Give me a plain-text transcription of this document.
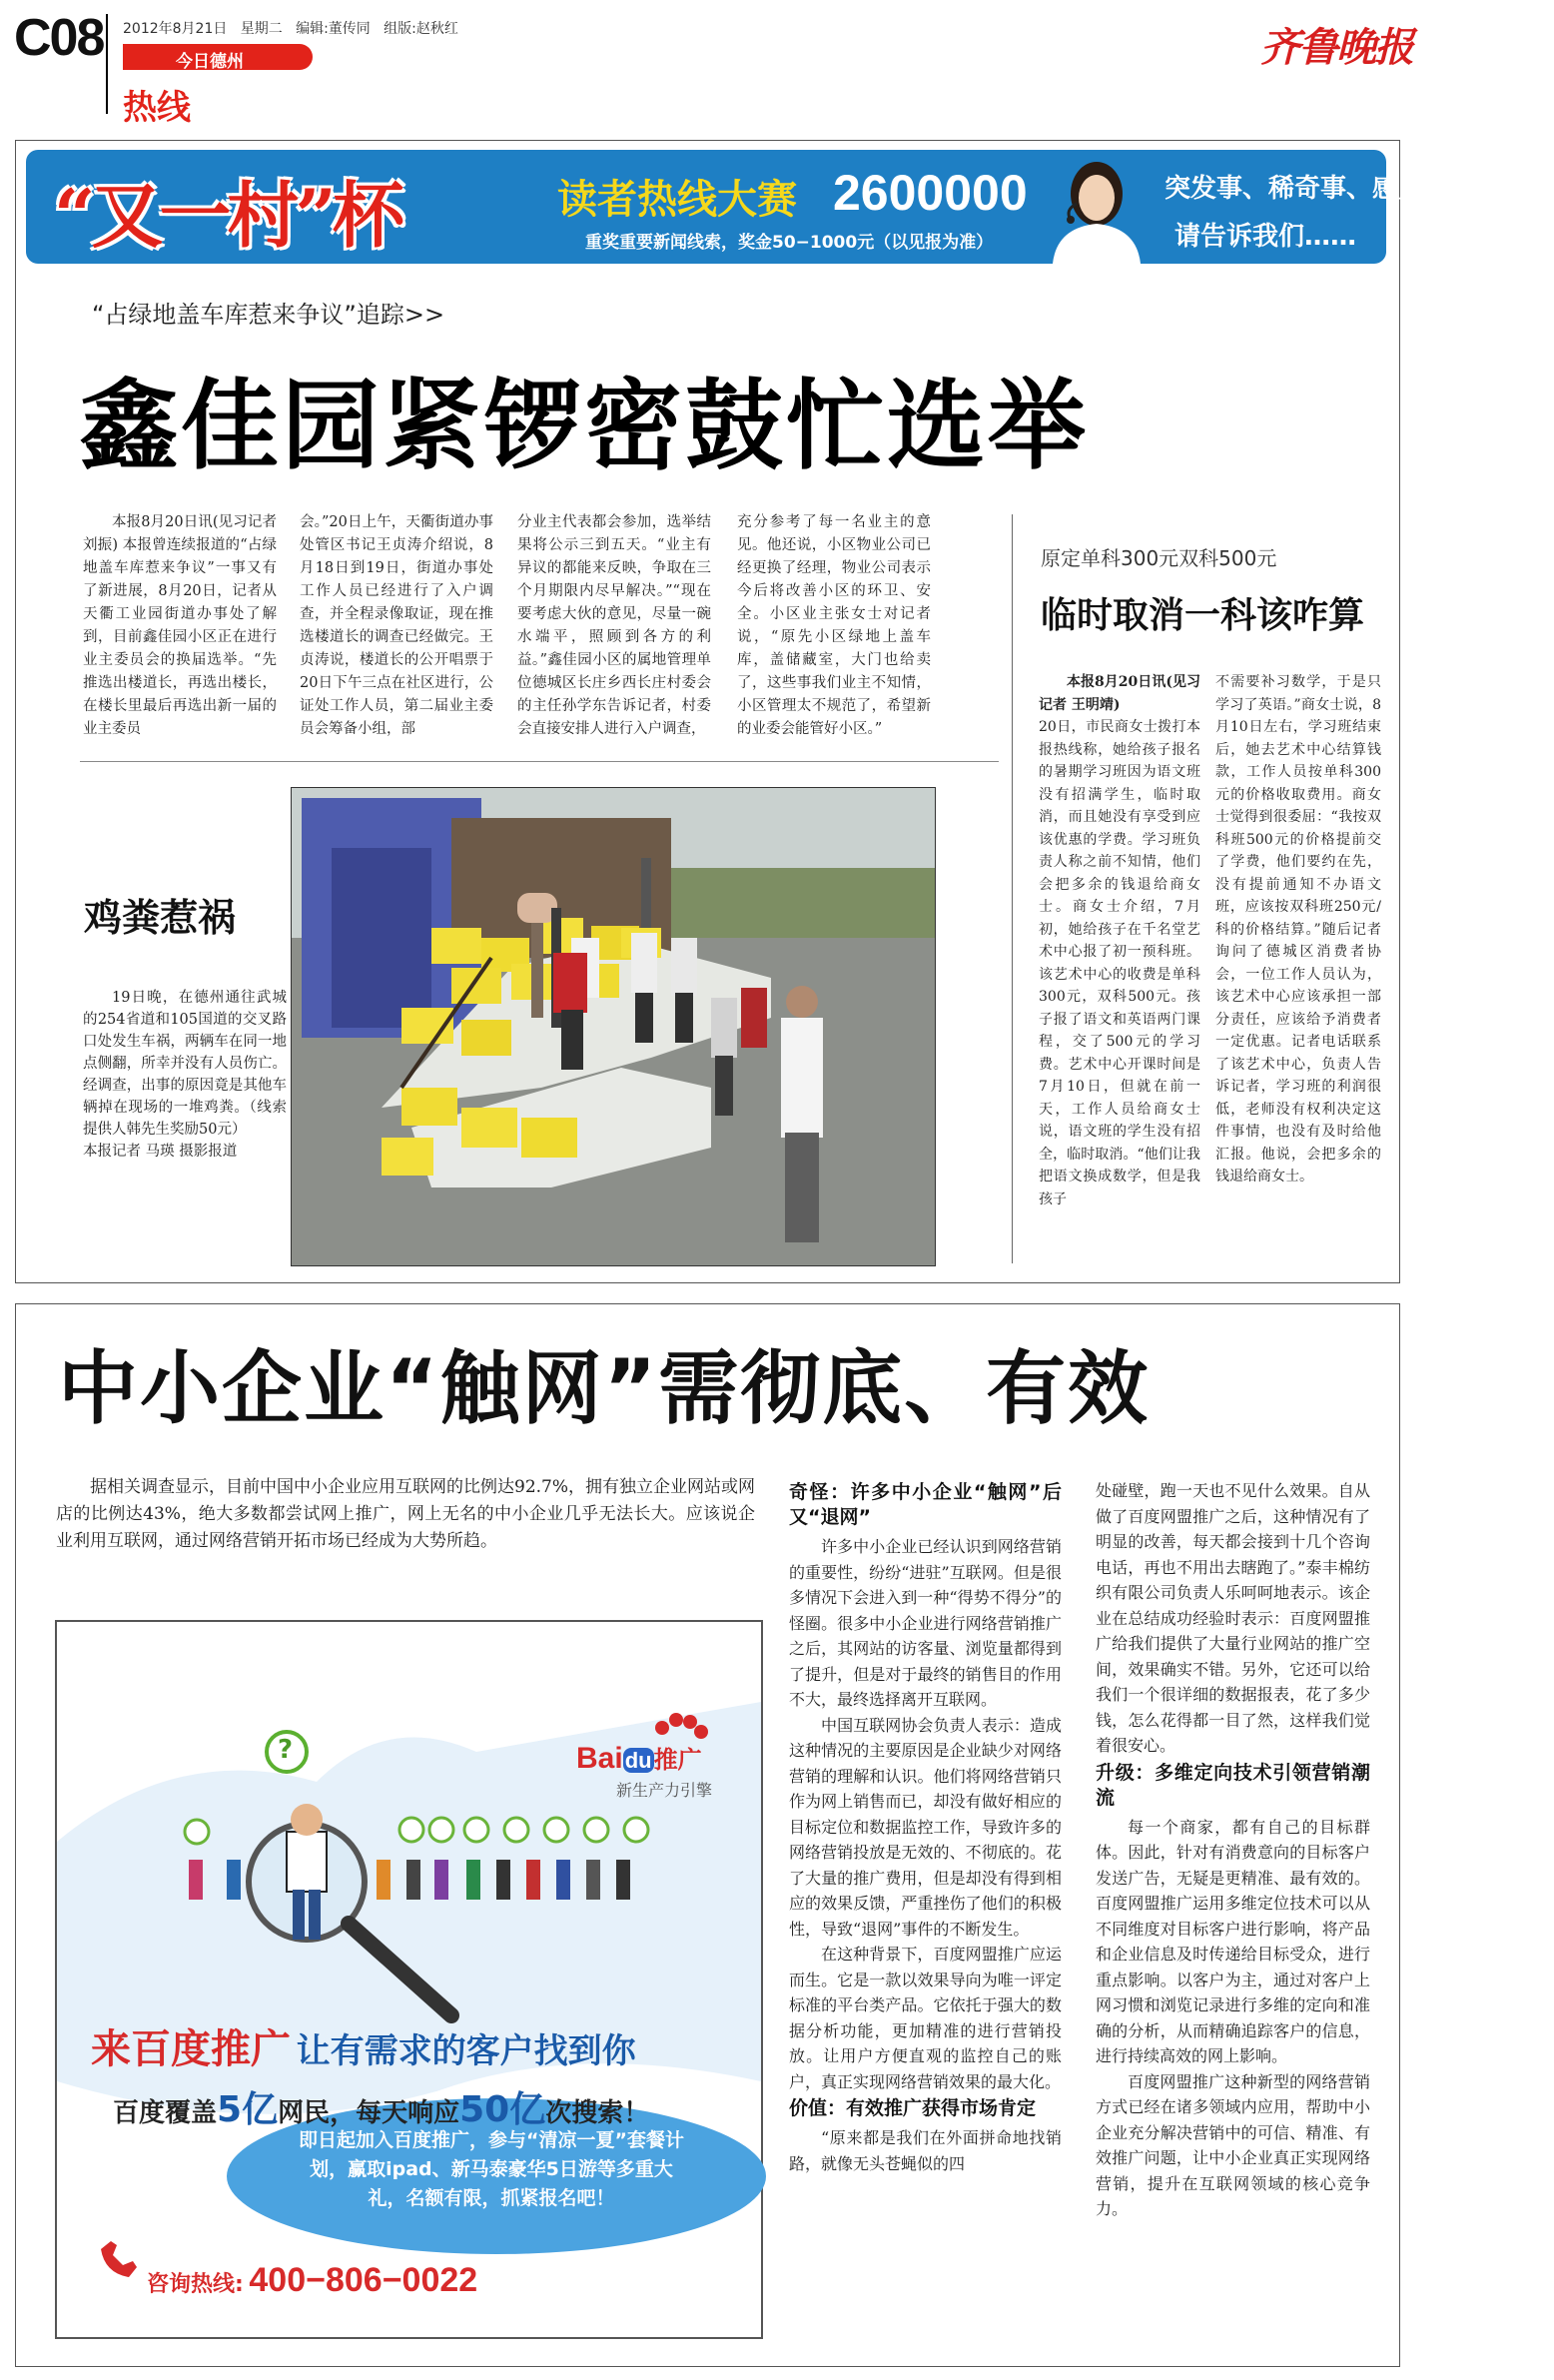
C08 2012年8月21日 星期二 编辑:董传同 组版:赵秋红
今日德州
热线
齐鲁晚报
“又一村”杯	读者热线大赛 2600000
重奖重要新闻线索，奖金50−1000元（以见报为准）
突发事、稀奇事、感人事、新鲜事
请告诉我们……
“占绿地盖车库惹来争议”追踪>>
鑫佳园紧锣密鼓忙选举

本报8月20日讯(见习记者 刘振) 本报曾连续报道的“占绿地盖车库惹来争议”一事又有了新进展，8月20日，记者从天衢工业园街道办事处了解到，目前鑫佳园小区正在进行业主委员会的换届选举。“先推选出楼道长，再选出楼长，在楼长里最后再选出新一届的业主委员

会。”20日上午，天衢街道办事处管区书记王贞涛介绍说，8月18日到19日，街道办事处工作人员已经进行了入户调查，并全程录像取证，现在推选楼道长的调查已经做完。王贞涛说，楼道长的公开唱票于20日下午三点在社区进行，公证处工作人员，第二届业主委员会筹备小组，部

分业主代表都会参加，选举结果将公示三到五天。“业主有异议的都能来反映，争取在三个月期限内尽早解决。”“现在要考虑大伙的意见，尽量一碗水端平，照顾到各方的利益。”鑫佳园小区的属地管理单位德城区长庄乡西长庄村委会的主任孙学东告诉记者，村委会直接安排人进行入户调查，

充分参考了每一名业主的意见。他还说，小区物业公司已经更换了经理，物业公司表示今后将改善小区的环卫、安全。小区业主张女士对记者说，“原先小区绿地上盖车库，盖储藏室，大门也给卖了，这些事我们业主不知情，小区管理太不规范了，希望新的业委会能管好小区。”

鸡粪惹祸

19日晚，在德州通往武城的254省道和105国道的交叉路口处发生车祸，两辆车在同一地点侧翻，所幸并没有人员伤亡。经调查，出事的原因竟是其他车辆掉在现场的一堆鸡粪。（线索提供人韩先生奖励50元）

本报记者 马瑛 摄影报道

原定单科300元双科500元
临时取消一科该咋算

本报8月20日讯(见习记者 王明靖)

20日，市民商女士拨打本报热线称，她给孩子报名的暑期学习班因为语文班没有招满学生，临时取消，而且她没有享受到应该优惠的学费。学习班负责人称之前不知情，他们会把多余的钱退给商女士。商女士介绍，7月初，她给孩子在千名堂艺术中心报了初一预科班。该艺术中心的收费是单科300元，双科500元。孩子报了语文和英语两门课程，交了500元的学习费。艺术中心开课时间是7月10日，但就在前一天，工作人员给商女士说，语文班的学生没有招全，临时取消。“他们让我把语文换成数学，但是我孩子

不需要补习数学，于是只学习了英语。”商女士说，8月10日左右，学习班结束后，她去艺术中心结算钱款，工作人员按单科300元的价格收取费用。商女士觉得到很委屈：“我按双科班500元的价格提前交了学费，他们要约在先，没有提前通知不办语文班，应该按双科班250元/科的价格结算。”随后记者询问了德城区消费者协会，一位工作人员认为，该艺术中心应该承担一部分责任，应该给予消费者一定优惠。记者电话联系了该艺术中心，负责人告诉记者，学习班的利润很低，老师没有权利决定这件事情，也没有及时给他汇报。他说，会把多余的钱退给商女士。

中小企业“触网”需彻底、有效

据相关调查显示，目前中国中小企业应用互联网的比例达92.7%，拥有独立企业网站或网店的比例达43%，绝大多数都尝试网上推广，网上无名的中小企业几乎无法长大。应该说企业利用互联网，通过网络营销开拓市场已经成为大势所趋。

?	Baidu推广
新生产力引擎
来百度推广 让有需求的客户找到你
百度覆盖5亿网民，每天响应50亿次搜索！
即日起加入百度推广，参与“清凉一夏”套餐计划，赢取ipad、新马泰豪华5日游等多重大礼，名额有限，抓紧报名吧！
咨询热线: 400−806−0022
奇怪：许多中小企业“触网”后又“退网”

许多中小企业已经认识到网络营销的重要性，纷纷“进驻”互联网。但是很多情况下会进入到一种“得势不得分”的怪圈。很多中小企业进行网络营销推广之后，其网站的访客量、浏览量都得到了提升，但是对于最终的销售目的作用不大，最终选择离开互联网。

中国互联网协会负责人表示：造成这种情况的主要原因是企业缺少对网络营销的理解和认识。他们将网络营销只作为网上销售而已，却没有做好相应的目标定位和数据监控工作，导致许多的网络营销投放是无效的、不彻底的。花了大量的推广费用，但是却没有得到相应的效果反馈，严重挫伤了他们的积极性，导致“退网”事件的不断发生。

在这种背景下，百度网盟推广应运而生。它是一款以效果导向为唯一评定标准的平台类产品。它依托于强大的数据分析功能，更加精准的进行营销投放。让用户方便直观的监控自己的账户，真正实现网络营销效果的最大化。

价值：有效推广获得市场肯定

“原来都是我们在外面拼命地找销路，就像无头苍蝇似的四

处碰壁，跑一天也不见什么效果。自从做了百度网盟推广之后，这种情况有了明显的改善，每天都会接到十几个咨询电话，再也不用出去瞎跑了。”泰丰棉纺织有限公司负责人乐呵呵地表示。该企业在总结成功经验时表示：百度网盟推广给我们提供了大量行业网站的推广空间，效果确实不错。另外，它还可以给我们一个很详细的数据报表，花了多少钱，怎么花得都一目了然，这样我们觉着很安心。

升级：多维定向技术引领营销潮流

每一个商家，都有自己的目标群体。因此，针对有消费意向的目标客户发送广告，无疑是更精准、最有效的。百度网盟推广运用多维定位技术可以从不同维度对目标客户进行影响，将产品和企业信息及时传递给目标受众，进行重点影响。以客户为主，通过对客户上网习惯和浏览记录进行多维的定向和准确的分析，从而精确追踪客户的信息，进行持续高效的网上影响。

百度网盟推广这种新型的网络营销方式已经在诸多领域内应用，帮助中小企业充分解决营销中的可信、精准、有效推广问题，让中小企业真正实现网络营销，提升在互联网领域的核心竞争力。
